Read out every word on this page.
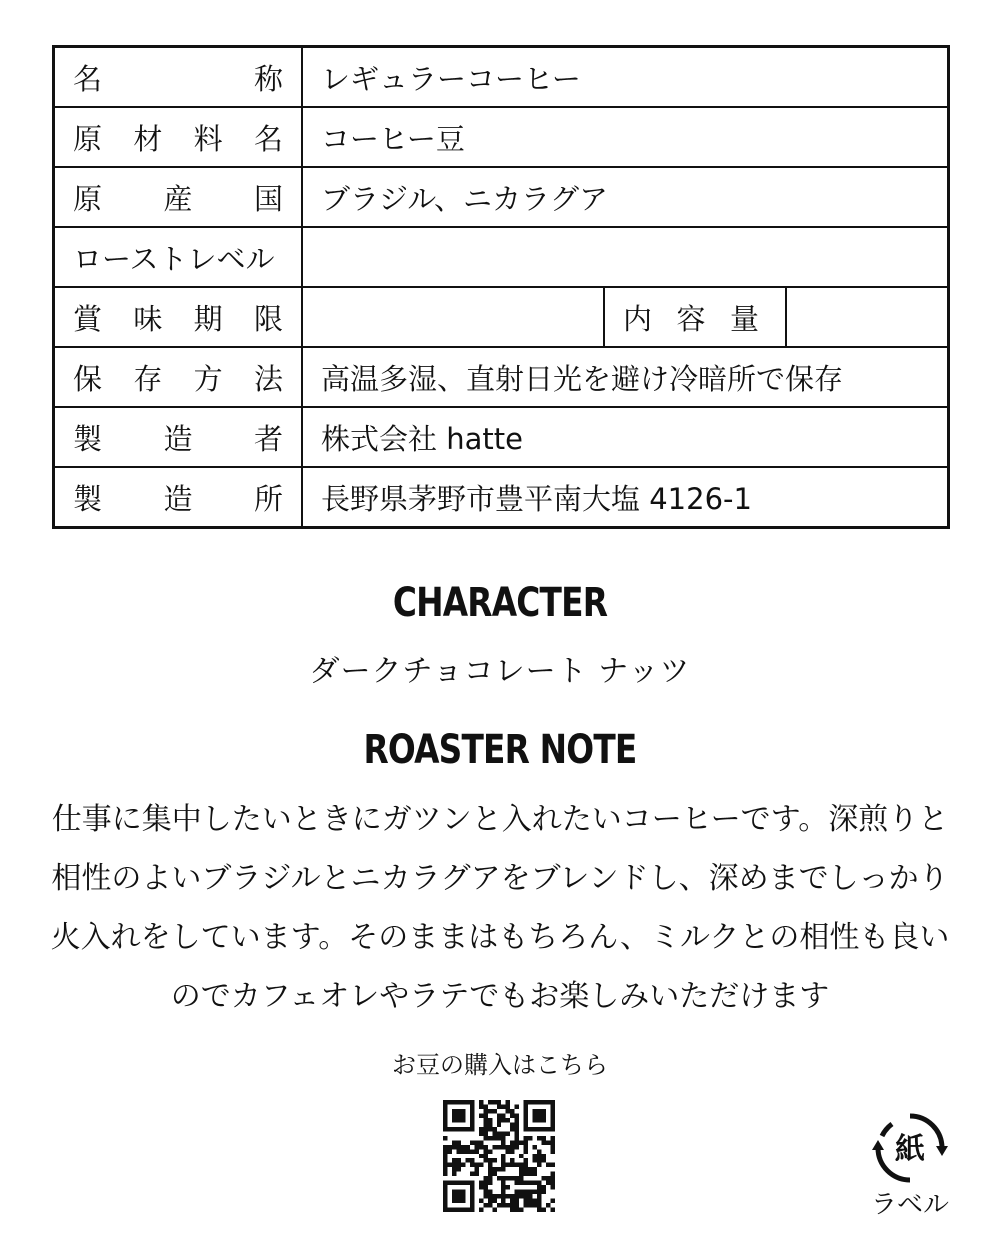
名 称	レギュラーコーヒー		

原 材 料 名	コーヒー豆		

原 産 国	ブラジル、ニカラグア		
ローストレベル			

賞 味 期 限		内 容 量	

保 存 方 法	高温多湿、直射日光を避け冷暗所で保存		

製 造 者	株式会社 hatte		

製 造 所	長野県茅野市豊平南大塩 4126-1		
CHARACTER
ダークチョコレート ナッツ
ROASTER NOTE
仕事に集中したいときにガツンと入れたいコーヒーです。深煎りと相性のよいブラジルとニカラグアをブレンドし、深めまでしっかり火入れをしています。そのままはもちろん、ミルクとの相性も良いのでカフェオレやラテでもお楽しみいただけます
お豆の購入はこちら
紙
ラベル
